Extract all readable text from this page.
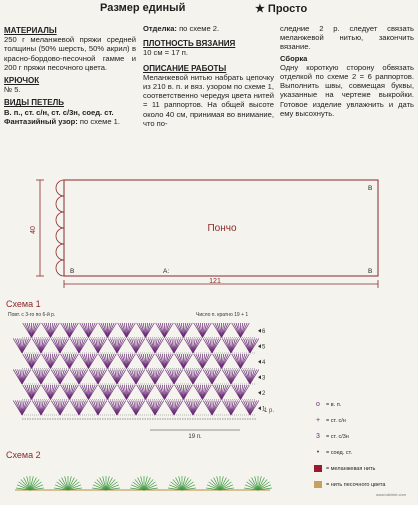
Размер единый	★ Просто
МАТЕРИАЛЫ

250 г меланжевой пряжи средней толщины (50% шерсть, 50% акрил) в красно-бордово-песочной гамме и 200 г пряжи песочного цвета.

КРЮЧОК

№ 5.

ВИДЫ ПЕТЕЛЬ

В. п., ст. с/н, ст. с/3н, соед. ст.

Фантазийный узор: по схеме 1.

Отделка: по схеме 2.

ПЛОТНОСТЬ ВЯЗАНИЯ

10 см = 17 п.

ОПИСАНИЕ РАБОТЫ

Меланжевой нитью набрать цепочку из 210 в. п. и вяз. узором по схеме 1, соответственно чередуя цвета нитей = 11 раппортов. На общей высоте около 40 см, принимая во внимание, что по-

следние 2 р. следует связать меланжевой нитью, закончить вязание.

Сборка

Одну короткую сторону обвязать отделкой по схеме 2 = 6 раппортов. Выполнить швы, совмещая буквы, указанные на чертеже выкройки. Готовое изделие увлажнить и дать ему высохнуть.

40
121
Пончо
B
B	A:	B
Схема 1
Повт. с 3-го по 6-й р.	Число п. кратно 19 + 1
6
5
4
3
2
1
1 р.
19 п.
Схема 2
o = в. п.
+ = ст. с/н
3 = ст. с/3н
• = соед. ст.
= меланжевая нить
= нить песочного цвета
www.labirint.com
